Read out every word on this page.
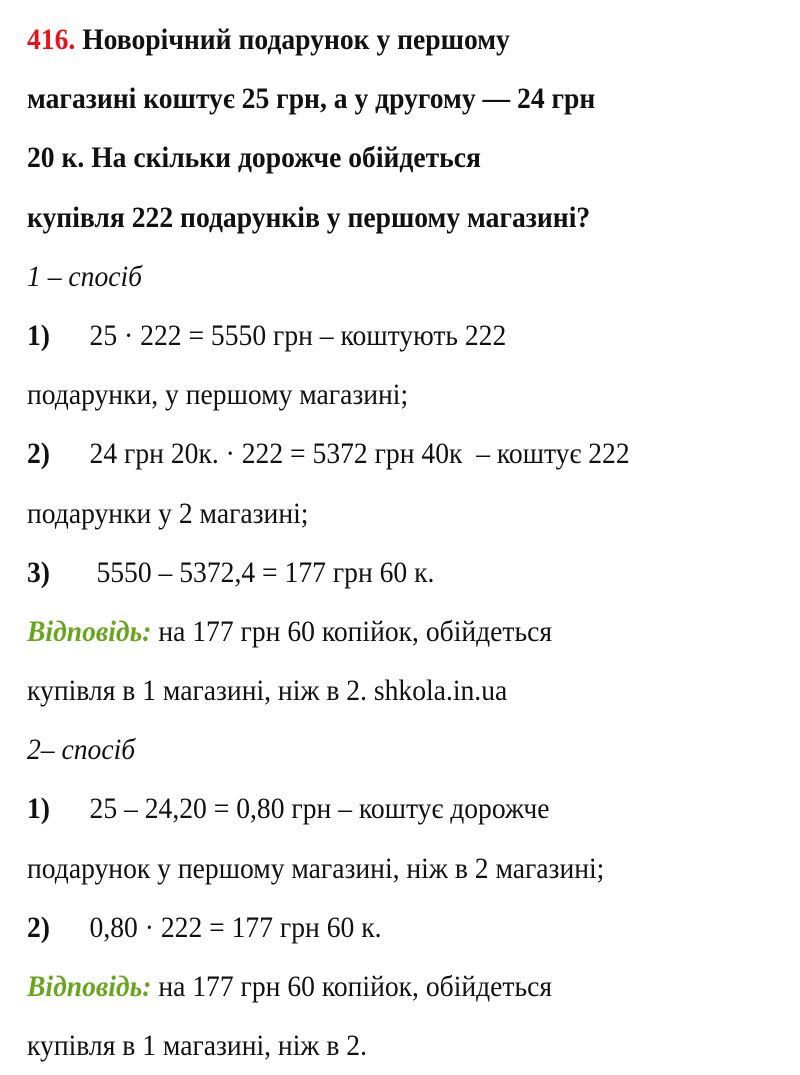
416. Новорічний подарунок у першому
магазині коштує 25 грн, а у другому — 24 грн
20 к. На скільки дорожче обійдеться
купівля 222 подарунків у першому магазині?
1 – спосіб
1) 25 · 222 = 5550 грн – коштують 222
подарунки, у першому магазині;
2) 24 грн 20к. · 222 = 5372 грн 40к  – коштує 222
подарунки у 2 магазині;
3) 5550 – 5372,4 = 177 грн 60 к.
Відповідь: на 177 грн 60 копійок, обійдеться
купівля в 1 магазині, ніж в 2. shkola.in.ua
2– спосіб
1) 25 – 24,20 = 0,80 грн – коштує дорожче
подарунок у першому магазині, ніж в 2 магазині;
2) 0,80 · 222 = 177 грн 60 к.
Відповідь: на 177 грн 60 копійок, обійдеться
купівля в 1 магазині, ніж в 2.
